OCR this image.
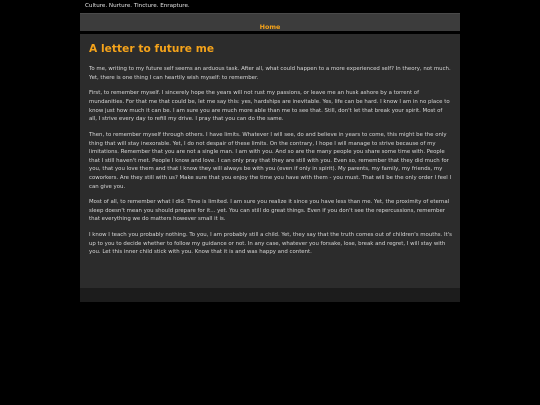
Culture. Nurture. Tincture. Enrapture.
Home
A letter to future me

To me, writing to my future self seems an arduous task. After all, what could happen to a more experienced self? In theory, not much. Yet, there is one thing I can heartily wish myself: to remember.

First, to remember myself. I sincerely hope the years will not rust my passions, or leave me an husk ashore by a torrent of mundanities. For that me that could be, let me say this: yes, hardships are inevitable. Yes, life can be hard. I know I am in no place to know just how much it can be. I am sure you are much more able than me to see that. Still, don't let that break your spirit. Most of all, I strive every day to refill my drive. I pray that you can do the same.

Then, to remember myself through others. I have limits. Whatever I will see, do and believe in years to come, this might be the only thing that will stay inexorable. Yet, I do not despair of these limits. On the contrary, I hope I will manage to strive because of my limitations. Remember that you are not a single man. I am with you. And so are the many people you share some time with. People that I still haven't met. People I know and love. I can only pray that they are still with you. Even so, remember that they did much for you, that you love them and that I know they will always be with you (even if only in spirit). My parents, my family, my friends, my coworkers. Are they still with us? Make sure that you enjoy the time you have with them - you must. That will be the only order I feel I can give you.

Most of all, to remember what I did. Time is limited. I am sure you realize it since you have less than me. Yet, the proximity of eternal sleep doesn't mean you should prepare for it... yet. You can still do great things. Even if you don't see the repercussions, remember that everything we do matters however small it is.

I know I teach you probably nothing. To you, I am probably still a child. Yet, they say that the truth comes out of children's mouths. It's up to you to decide whether to follow my guidance or not. In any case, whatever you forsake, lose, break and regret, I will stay with you. Let this inner child stick with you. Know that it is and was happy and content.
